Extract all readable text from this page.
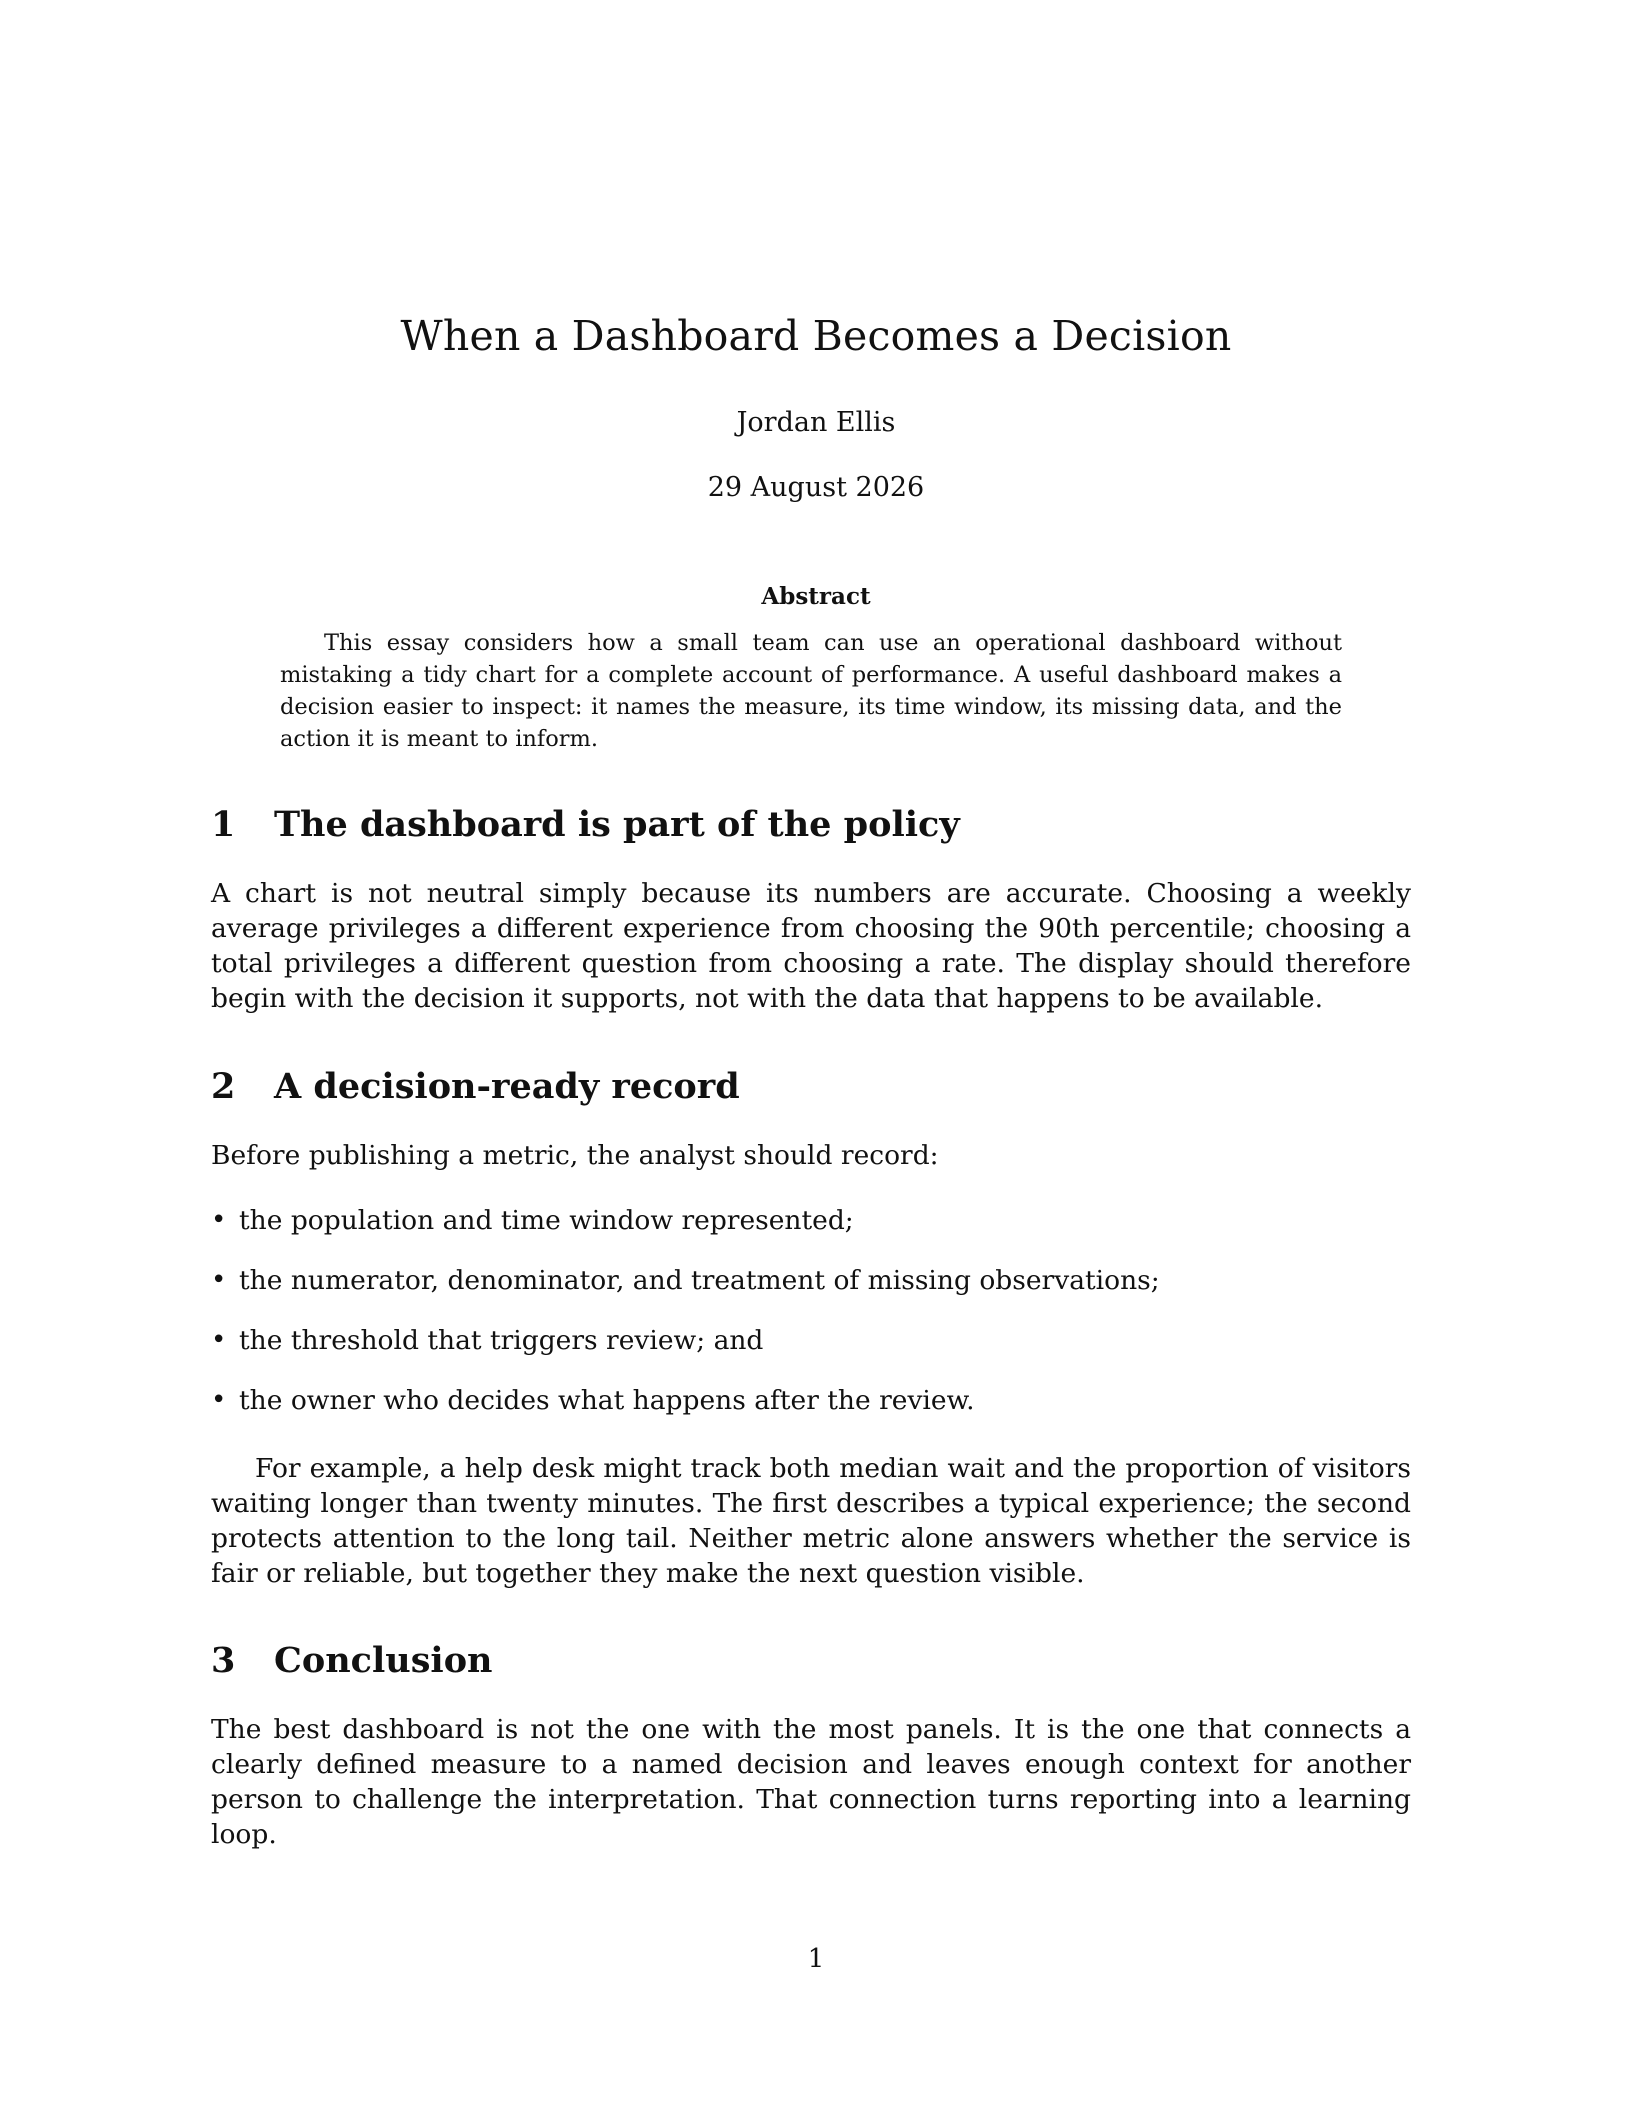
When a Dashboard Becomes a Decision
Jordan Ellis
29 August 2026
Abstract

This essay considers how a small team can use an operational dashboard without mistaking a tidy chart for a complete account of performance. A useful dashboard makes a decision easier to inspect: it names the measure, its time window, its missing data, and the action it is meant to inform.

1 The dashboard is part of the policy

A chart is not neutral simply because its numbers are accurate. Choosing a weekly average privileges a different experience from choosing the 90th percentile; choosing a total privileges a different question from choosing a rate. The display should therefore begin with the decision it supports, not with the data that happens to be available.

2 A decision-ready record

Before publishing a metric, the analyst should record:

• the population and time window represented;
• the numerator, denominator, and treatment of missing observations;
• the threshold that triggers review; and
• the owner who decides what happens after the review.

For example, a help desk might track both median wait and the proportion of visitors waiting longer than twenty minutes. The first describes a typical experience; the second protects attention to the long tail. Neither metric alone answers whether the service is fair or reliable, but together they make the next question visible.

3 Conclusion

The best dashboard is not the one with the most panels. It is the one that connects a clearly defined measure to a named decision and leaves enough context for another person to challenge the interpretation. That connection turns reporting into a learning loop.

1
